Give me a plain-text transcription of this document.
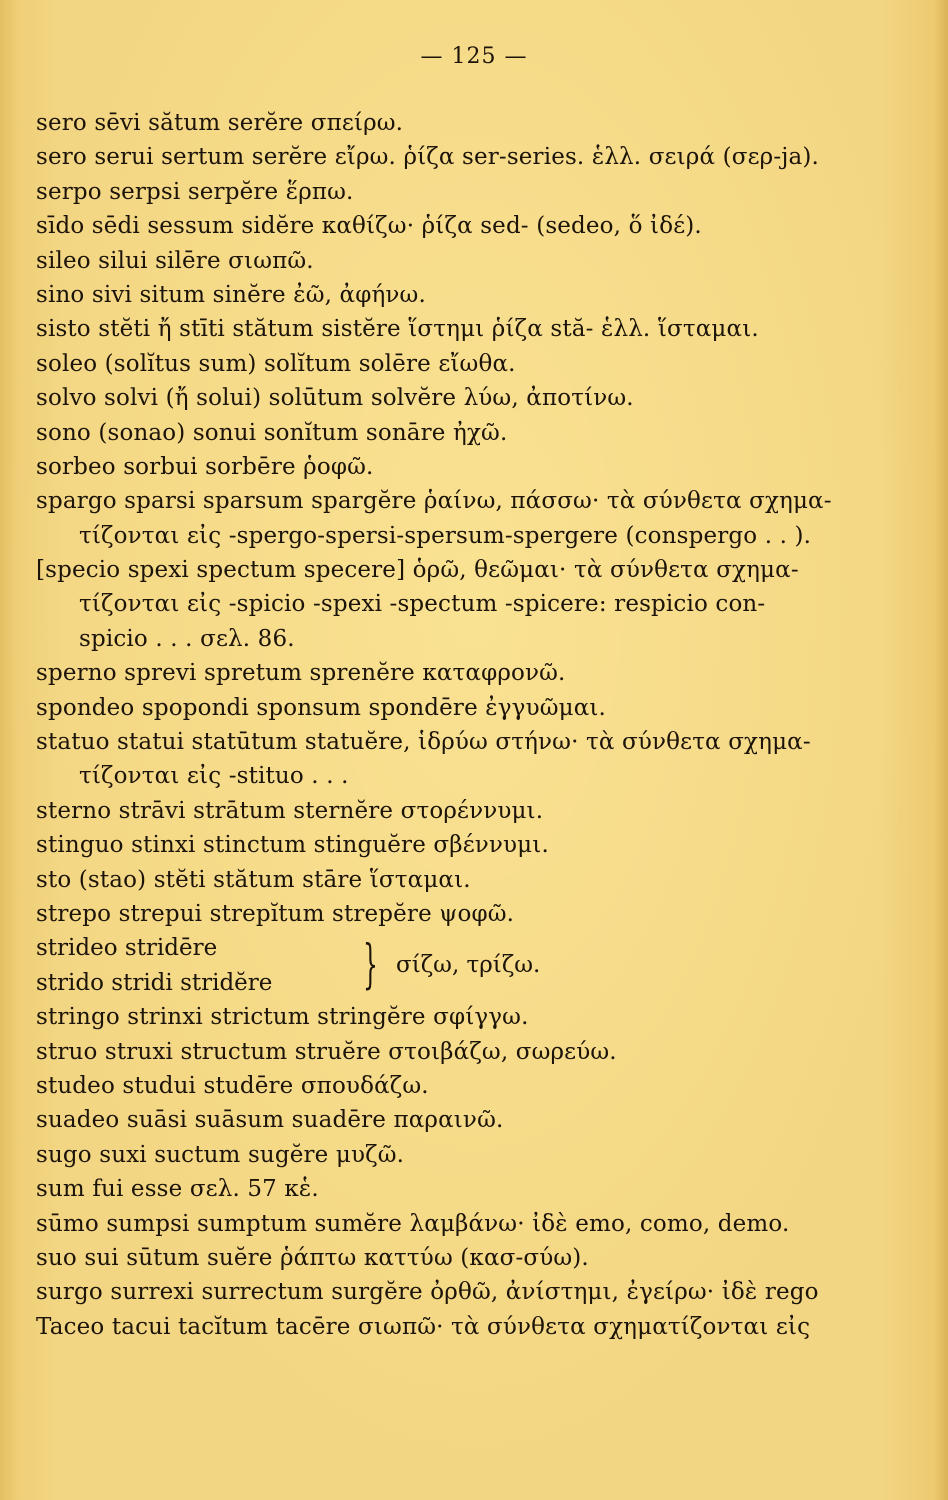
— 125 —
sero sēvi sătum serĕre σπείρω.
sero serui sertum serĕre εἴρω. ῥίζα ser-series. ἑλλ. σειρά (σερ-ja).
serpo serpsi serpĕre ἕρπω.
sīdo sēdi sessum sidĕre καθίζω· ῥίζα sed- (sedeo, ὅ ἰδέ).
sileo silui silēre σιωπῶ.
sino sivi situm sinĕre ἐῶ, ἀφήνω.
sisto stĕti ἤ stīti stătum sistĕre ἵστημι ῥίζα stă- ἑλλ. ἵσταμαι.
soleo (solĭtus sum) solĭtum solēre εἴωθα.
solvo solvi (ἤ solui) solūtum solvĕre λύω, ἀποτίνω.
sono (sonao) sonui sonĭtum sonāre ἠχῶ.
sorbeo sorbui sorbēre ῥοφῶ.
spargo sparsi sparsum spargĕre ῥαίνω, πάσσω· τὰ σύνθετα σχημα-
τίζονται εἰς -spergo-spersi-spersum-spergere (conspergo . . ).
[specio spexi spectum specere] ὁρῶ, θεῶμαι· τὰ σύνθετα σχημα-
τίζονται εἰς -spicio -spexi -spectum -spicere: respicio con-
spicio . . . σελ. 86.
sperno sprevi spretum sprenĕre καταφρονῶ.
spondeo spopondi sponsum spondēre ἐγγυῶμαι.
statuo statui statūtum statuĕre, ἱδρύω στήνω· τὰ σύνθετα σχημα-
τίζονται εἰς -stituo . . .
sterno strāvi strātum sternĕre στορέννυμι.
stinguo stinxi stinctum stinguĕre σβέννυμι.
sto (stao) stĕti stătum stāre ἵσταμαι.
strepo strepui strepĭtum strepĕre ψοφῶ.
strideo stridēre
strido stridi stridĕre	} σίζω, τρίζω.
stringo strinxi strictum stringĕre σφίγγω.
struo struxi structum struĕre στοιβάζω, σωρεύω.
studeo studui studēre σπουδάζω.
suadeo suāsi suāsum suadēre παραινῶ.
sugo suxi suctum sugĕre μυζῶ.
sum fui esse σελ. 57 κἑ.
sūmo sumpsi sumptum sumĕre λαμβάνω· ἰδὲ emo, como, demo.
suo sui sūtum suĕre ῥάπτω καττύω (κασ-σύω).
surgo surrexi surrectum surgĕre ὀρθῶ, ἀνίστημι, ἐγείρω· ἰδὲ rego
Taceo tacui tacĭtum tacēre σιωπῶ· τὰ σύνθετα σχηματίζονται εἰς
